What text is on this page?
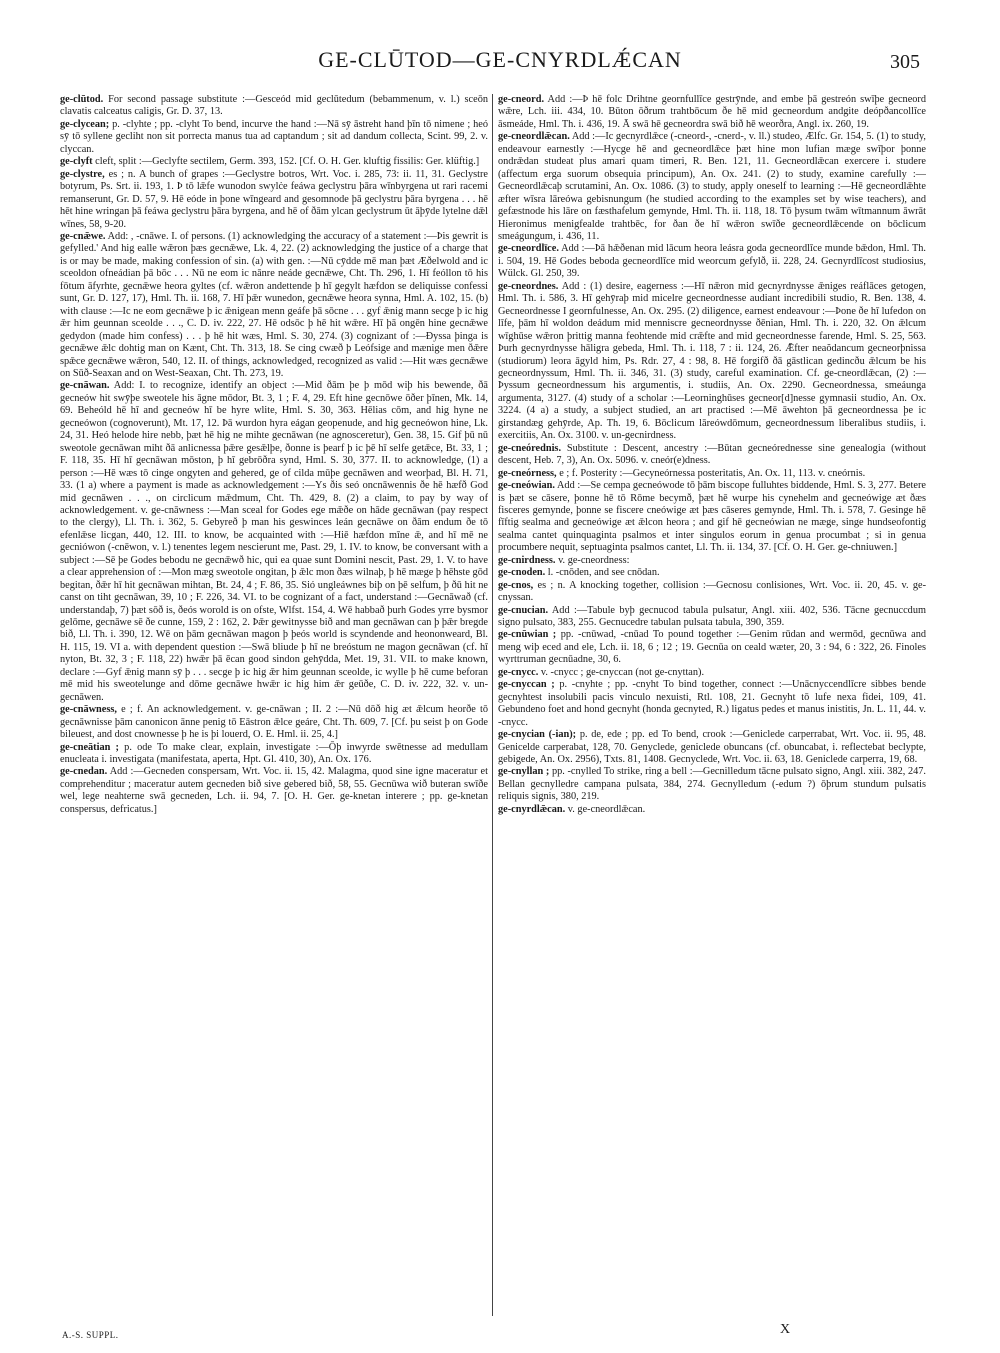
GE-CLŪTOD—GE-CNYRDLǼCAN	305

ge-clūtod. For second passage substitute :—Gesceód mid geclūtedum (bebammenum, v. l.) sceōn clavatis calceatus caligis, Gr. D. 37, 13.

ge-clycean; p. -clyhte ; pp. -clyht To bend, incurve the hand :—Nā sȳ āstreht hand þīn tō nimene ; heó sȳ tō syllene gecliht non sit porrecta manus tua ad captandum ; sit ad dandum collecta, Scint. 99, 2. v. clyccan.

ge-clyft cleft, split :—Geclyfte sectilem, Germ. 393, 152. [Cf. O. H. Ger. kluftig fissilis: Ger. klüftig.]

ge-clystre, es ; n. A bunch of grapes :—Geclystre botros, Wrt. Voc. i. 285, 73: ii. 11, 31. Geclystre botyrum, Ps. Srt. ii. 193, 1. Þ tō lǣfe wunodon swylċe feáwa geclystru þāra wīnbyrgena ut rari racemi remanserunt, Gr. D. 57, 9. Hē eóde in þone wīngeard and gesomnode þā geclystru þāra byrgena . . . hē hēt hine wringan þā feáwa geclystru þāra byrgena, and hē of ðām ylcan geclystrum ūt āþȳde lytelne dǣl wīnes, 58, 9-20.

ge-cnǣwe. Add: , -cnāwe. I. of persons. (1) acknowledging the accuracy of a statement :—Þis gewrit is gefylled.' And hig ealle wǣron þæs gecnǣwe, Lk. 4, 22. (2) acknowledging the justice of a charge that is or may be made, making confession of sin. (a) with gen. :—Nū cȳdde mē man þæt Æðelwold and ic sceoldon ofneádian þā bōc . . . Nū ne eom ic nānre neáde gecnǣwe, Cht. Th. 296, 1. Hī feóllon tō his fōtum āfyrhte, gecnǣwe heora gyltes (cf. wǣron andettende þ hī gegylt hæfdon se deliquisse confessi sunt, Gr. D. 127, 17), Hml. Th. ii. 168, 7. Hī þǣr wunedon, gecnǣwe heora synna, Hml. A. 102, 15. (b) with clause :—Ic ne eom gecnǣwe þ ic ǣnigean menn geáfe þā sōcne . . . gyf ǣnig mann secge þ ic hig ǣr him geunnan sceolde . . ., C. D. iv. 222, 27. Hē odsōc þ hē hit wǣre. Hī þā ongēn hine gecnǣwe gedydon (made him confess) . . . þ hē hit wæs, Hml. S. 30, 274. (3) cognizant of :—Ðyssa þinga is gecnǣwe ǣlc dohtig man on Kænt, Cht. Th. 313, 18. Se cing cwæð þ Leófsige and mænige men ðǣre spǣce gecnǣwe wǣron, 540, 12. II. of things, acknowledged, recognized as valid :—Hit wæs gecnǣwe on Sūð-Seaxan and on West-Seaxan, Cht. Th. 273, 19.

ge-cnāwan. Add: I. to recognize, identify an object :—Mid ðām þe þ mōd wiþ his bewende, ðā gecneów hit swȳþe sweotele his āgne mōdor, Bt. 3, 1 ; F. 4, 29. Eft hine gecnōwe ōðer þīnen, Mk. 14, 69. Beheóld hē hī and gecneów hī be hyre wlite, Hml. S. 30, 363. Hēlias cōm, and hig hyne ne gecneówon (cognoverunt), Mt. 17, 12. Þā wurdon hyra eágan geopenude, and hig gecneówon hine, Lk. 24, 31. Heó helode hire nebb, þæt hē hig ne mihte gecnāwan (ne agnosceretur), Gen. 38, 15. Gif þū nū sweotole gecnāwan miht ðā anlicnessa þǣre gesǣlþe, ðonne is þearf þ ic þē hī selfe getǣce, Bt. 33, 1 ; F. 118, 35. Hī hī gecnāwan mōston, þ hī gebrōðra synd, Hml. S. 30, 377. II. to acknowledge, (1) a person :—Hē wæs tō cinge ongyten and gehered, ge of cilda mūþe gecnāwen and weorþad, Bl. H. 71, 33. (1 a) where a payment is made as acknowledgement :—Ys ðis seó oncnāwennis ðe hē hæfð God mid gecnāwen . . ., on circlicum mǣdmum, Cht. Th. 429, 8. (2) a claim, to pay by way of acknowledgement. v. ge-cnāwness :—Man sceal for Godes ege mǣðe on hāde gecnāwan (pay respect to the clergy), Ll. Th. i. 362, 5. Gebyreð þ man his geswinces leán gecnāwe on ðām endum ðe tō efenlǣse licgan, 440, 12. III. to know, be acquainted with :—Hiē hæfdon mīne ǣ, and hī mē ne gecniówon (-cnēwon, v. l.) tenentes legem nescierunt me, Past. 29, 1. IV. to know, be conversant with a subject :—Sē þe Godes bebodu ne gecnǣwð hic, qui ea quae sunt Domini nescit, Past. 29, 1. V. to have a clear apprehension of :—Mon mæg sweotole ongitan, þ ǣlc mon ðæs wilnaþ, þ hē mæge þ hēhste gōd begitan, ðǣr hī hit gecnāwan mihtan, Bt. 24, 4 ; F. 86, 35. Sió ungleáwnes biþ on þē selfum, þ ðū hit ne canst on tiht gecnāwan, 39, 10 ; F. 226, 34. VI. to be cognizant of a fact, understand :—Gecnāwað (cf. understandaþ, 7) þæt sōð is, ðeós worold is on ofste, Wlfst. 154, 4. Wē habbað þurh Godes yrre bysmor gelōme, gecnāwe sē ðe cunne, 159, 2 : 162, 2. Þǣr gewitnysse bið and man gecnāwan can þ þǣr bregde bið, Ll. Th. i. 390, 12. Wē on þām gecnāwan magon þ þeós world is scyndende and heononweard, Bl. H. 115, 19. VI a. with dependent question :—Swā bliude þ hī ne breóstum ne magon gecnāwan (cf. hī nyton, Bt. 32, 3 ; F. 118, 22) hwǣr þā ēcan good sindon gehȳdda, Met. 19, 31. VII. to make known, declare :—Gyf ǣnig mann sȳ þ . . . secge þ ic hig ǣr him geunnan sceolde, ic wylle þ hē cume beforan mē mid his sweotelunge and dōme gecnāwe hwǣr ic hig him ǣr geūðe, C. D. iv. 222, 32. v. un-gecnāwen.

ge-cnāwness, e ; f. An acknowledgement. v. ge-cnāwan ; II. 2 :—Nū dōð hig æt ǣlcum heorðe tō gecnāwnisse þām canonicon ānne penig tō Eāstron ǣlce geáre, Cht. Th. 609, 7. [Cf. þu seist þ on Gode bileuest, and dost cnownesse þ he is þi louerd, O. E. Hml. ii. 25, 4.]

ge-cneātian ; p. ode To make clear, explain, investigate :—Ōþ inwyrde swētnesse ad medullam enucleata i. investigata (manifestata, aperta, Hpt. Gl. 410, 30), An. Ox. 176.

ge-cnedan. Add :—Gecneden conspersam, Wrt. Voc. ii. 15, 42. Malagma, quod sine igne maceratur et comprehenditur ; maceratur autem gecneden bið sive gebered bið, 58, 55. Gecnūwa wið buteran swīðe wel, lege neahterne swā gecneden, Lch. ii. 94, 7. [O. H. Ger. ge-knetan interere ; pp. ge-knetan conspersus, defricatus.]

ge-cneord. Add :—Þ hē folc Drihtne geornfullīce gestrȳnde, and embe þā gestreón swīþe gecneord wǣre, Lch. iii. 434, 10. Būton ōðrum trahtbōcum ðe hē mid gecneordum andgite deópðancollīce āsmeáde, Hml. Th. i. 436, 19. Ā swā hē gecneordra swā bið hē weorðra, Angl. ix. 260, 19.

ge-cneordlǣcan. Add :—Ic gecnyrdlǣce (-cneord-, -cnerd-, v. ll.) studeo, Ælfc. Gr. 154, 5. (1) to study, endeavour earnestly :—Hycge hē and gecneordlǣce þæt hine mon lufian mæge swīþor þonne ondrǣdan studeat plus amari quam timeri, R. Ben. 121, 11. Gecneordlǣcan exercere i. studere (affectum erga suorum obsequia principum), An. Ox. 241. (2) to study, examine carefully :—Gecneordlǣcaþ scrutamini, An. Ox. 1086. (3) to study, apply oneself to learning :—Hē gecneordlǣhte æfter wīsra lāreówa gebisnungum (he studied according to the examples set by wise teachers), and gefæstnode his lāre on fæsthafelum gemynde, Hml. Th. ii. 118, 18. Tō þysum twām wītmannum āwrāt Hieronimus menigfealde trahtbēc, for ðan ðe hī wǣron swīðe gecneordlǣcende on bōclicum smeágungum, i. 436, 11.

ge-cneordlīce. Add :—Þā hǣðenan mid lācum heora leásra goda gecneordlīce munde bǣdon, Hml. Th. i. 504, 19. Hē Godes beboda gecneordlīce mid weorcum gefylð, ii. 228, 24. Gecnyrdlīcost studiosius, Wülck. Gl. 250, 39.

ge-cneordnes. Add : (1) desire, eagerness :—Hī nǣron mid gecnyrdnysse ǣniges reáflāces getogen, Hml. Th. i. 586, 3. Hī gehȳraþ mid micelre gecneordnesse audiant incredibili studio, R. Ben. 138, 4. Gecneordnesse I geornfulnesse, An. Ox. 295. (2) diligence, earnest endeavour :—Þone ðe hī lufedon on līfe, þām hī woldon deádum mid menniscre gecneordnysse ðēnian, Hml. Th. i. 220, 32. On ǣlcum wīghūse wǣron þrittig manna feohtende mid crǣfte and mid gecneordnesse farende, Hml. S. 25, 563. Þurh gecnyrdnysse hāligra gebeda, Hml. Th. i. 118, 7 : ii. 124, 26. Ǣfter neaŏdancum gecneorþnissa (studiorum) leora āgyld him, Ps. Rdr. 27, 4 : 98, 8. Hē forgifð ðā gāstlican gedincðu ǣlcum be his gecneordnyssum, Hml. Th. ii. 346, 31. (3) study, careful examination. Cf. ge-cneordlǣcan, (2) :—Þyssum gecneordnessum his argumentis, i. studiis, An. Ox. 2290. Gecneordnessa, smeáunga argumenta, 3127. (4) study of a scholar :—Leorninghūses gecneor[d]nesse gymnasii studio, An. Ox. 3224. (4 a) a study, a subject studied, an art practised :—Mē āwehton þā gecneordnessa þe ic girstandæg gehȳrde, Ap. Th. 19, 6. Bōclicum lāreówdōmum, gecneordnessum liberalibus studiis, i. exercitiis, An. Ox. 3100. v. un-gecnirdness.

ge-cneórednis. Substitute : Descent, ancestry :—Būtan gecneórednesse sine genealogia (without descent, Heb. 7, 3), An. Ox. 5096. v. cneór(e)dness.

ge-cneórness, e ; f. Posterity :—Gecyneórnessa posteritatis, An. Ox. 11, 113. v. cneórnis.

ge-cneówian. Add :—Se cempa gecneówode tō þām biscope fulluhtes biddende, Hml. S. 3, 277. Betere is þæt se cāsere, þonne hē tō Rōme becymð, þæt hē wurpe his cynehelm and gecneówige æt ðæs fisceres gemynde, þonne se fiscere cneówige æt þæs cāseres gemynde, Hml. Th. i. 578, 7. Gesinge hē fīftig sealma and gecneówige æt ǣlcon heora ; and gif hē gecneówian ne mæge, singe hundseofontig sealma cantet quinquaginta psalmos et inter singulos eorum in genua procumbat ; si in genua procumbere nequit, septuaginta psalmos cantet, Ll. Th. ii. 134, 37. [Cf. O. H. Ger. ge-chniuwen.]

ge-cnirdness. v. ge-cneordness:

ge-cnoden. l. -cnōden, and see cnōdan.

ge-cnos, es ; n. A knocking together, collision :—Gecnosu conlisiones, Wrt. Voc. ii. 20, 45. v. ge-cnyssan.

ge-cnucian. Add :—Tabule byþ gecnucod tabula pulsatur, Angl. xiii. 402, 536. Tācne gecnuccdum signo pulsato, 383, 255. Gecnucedre tabulan pulsata tabula, 390, 359.

ge-cnūwian ; pp. -cnūwad, -cnūad To pound together :—Genim rūdan and wermōd, gecnūwa and meng wiþ eced and ele, Lch. ii. 18, 6 ; 12 ; 19. Gecnūa on ceald wæter, 20, 3 : 94, 6 : 322, 26. Finoles wyrttruman gecnūadne, 30, 6.

ge-cnycc. v. -cnycc ; ge-cnyccan (not ge-cnyttan).

ge-cnyccan ; p. -cnyhte ; pp. -cnyht To bind together, connect :—Unācnyccendlīcre sibbes bende gecnyhtest insolubili pacis vinculo nexuisti, Rtl. 108, 21. Gecnyht tō lufe nexa fidei, 109, 41. Gebundeno foet and hond gecnyht (honda gecnyted, R.) ligatus pedes et manus inistitis, Jn. L. 11, 44. v. -cnycc.

ge-cnycian (-ian); p. de, ede ; pp. ed To bend, crook :—Geniclede carperrabat, Wrt. Voc. ii. 95, 48. Genicelde carperabat, 128, 70. Genyclede, geniclede obuncans (cf. obuncabat, i. reflectebat beclypte, gebigede, An. Ox. 2956), Txts. 81, 1408. Gecnyclede, Wrt. Voc. ii. 63, 18. Geniclede carperra, 19, 68.

ge-cnyllan ; pp. -cnylled To strike, ring a bell :—Gecnilledum tācne pulsato signo, Angl. xiii. 382, 247. Bellan gecnylledre campana pulsata, 384, 274. Gecnylledum (-edum ?) ōþrum stundum pulsatis reliquis signis, 380, 219.

ge-cnyrdlǣcan. v. ge-cneordlǣcan.

A.-S. SUPPL.	X
